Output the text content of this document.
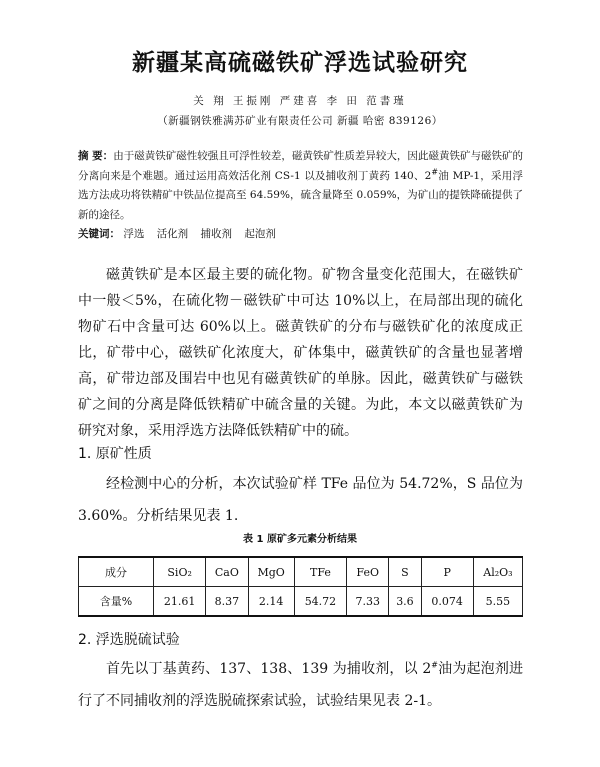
新疆某高硫磁铁矿浮选试验研究
关 翔 王振刚 严建喜 李 田 范書瑾
（新疆钢铁雅满苏矿业有限责任公司 新疆 哈密 839126）
摘 要：由于磁黄铁矿磁性较强且可浮性较差，磁黄铁矿性质差异较大，因此磁黄铁矿与磁铁矿的分离向来是个难题。通过运用高效活化剂 CS-1 以及捕收剂丁黄药 140、2#油 MP-1，采用浮选方法成功将铁精矿中铁品位提高至 64.59%，硫含量降至 0.059%，为矿山的提铁降硫提供了新的途径。
关键词： 浮选 活化剂 捕收剂 起泡剂
磁黄铁矿是本区最主要的硫化物。矿物含量变化范围大，在磁铁矿中一般＜5%，在硫化物－磁铁矿中可达 10%以上，在局部出现的硫化物矿石中含量可达 60%以上。磁黄铁矿的分布与磁铁矿化的浓度成正比，矿带中心，磁铁矿化浓度大，矿体集中，磁黄铁矿的含量也显著增高，矿带边部及围岩中也见有磁黄铁矿的单脉。因此，磁黄铁矿与磁铁矿之间的分离是降低铁精矿中硫含量的关键。为此，本文以磁黄铁矿为研究对象，采用浮选方法降低铁精矿中的硫。
1. 原矿性质
经检测中心的分析，本次试验矿样 TFe 品位为 54.72%，S 品位为 3.60%。分析结果见表 1.
表 1 原矿多元素分析结果
成分	SiO₂	CaO	MgO	TFe	FeO	S	P	Al₂O₃
含量%	21.61	8.37	2.14	54.72	7.33	3.6	0.074	5.55
2. 浮选脱硫试验
首先以丁基黄药、137、138、139 为捕收剂，以 2#油为起泡剂进行了不同捕收剂的浮选脱硫探索试验，试验结果见表 2-1。
